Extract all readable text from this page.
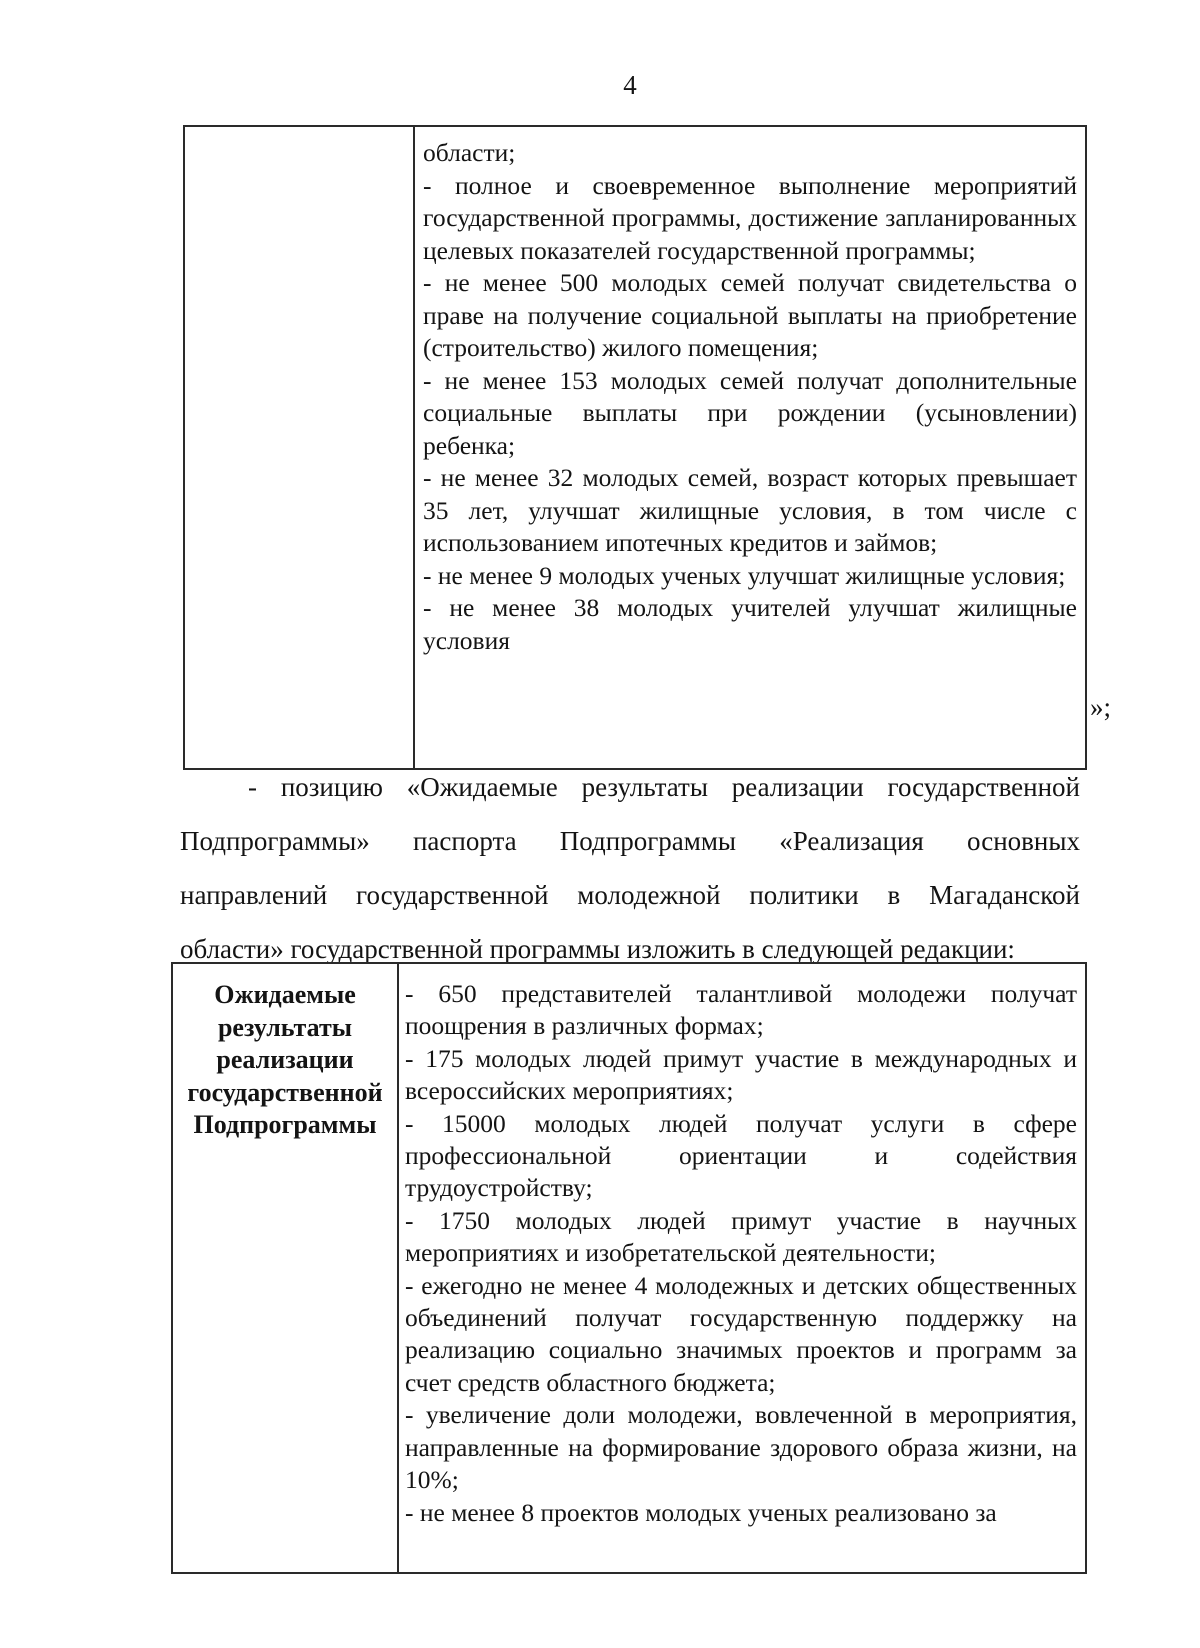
4

области;

- полное и своевременное выполнение мероприятий государственной программы, достижение запланированных целевых показателей государственной программы;

- не менее 500 молодых семей получат свидетельства о праве на получение социальной выплаты на приобретение (строительство) жилого помещения;

- не менее 153 молодых семей получат дополнительные социальные выплаты при рождении (усыновлении) ребенка;

- не менее 32 молодых семей, возраст которых превышает 35 лет, улучшат жилищные условия, в том числе с использованием ипотечных кредитов и займов;

- не менее 9 молодых ученых улучшат жилищные условия;

- не менее 38 молодых учителей улучшат жилищные условия

»;
- позицию «Ожидаемые результаты реализации государственной Подпрограммы» паспорта Подпрограммы «Реализация основных направлений государственной молодежной политики в Магаданской области» государственной программы изложить в следующей редакции:
Ожидаемые результаты реализации государственной Подпрограммы

- 650 представителей талантливой молодежи получат поощрения в различных формах;

- 175 молодых людей примут участие в международных и всероссийских мероприятиях;

- 15000 молодых людей получат услуги в сфере профессиональной ориентации и содействия трудоустройству;

- 1750 молодых людей примут участие в научных мероприятиях и изобретательской деятельности;

- ежегодно не менее 4 молодежных и детских общественных объединений получат государственную поддержку на реализацию социально значимых проектов и программ за счет средств областного бюджета;

- увеличение доли молодежи, вовлеченной в мероприятия, направленные на формирование здорового образа жизни, на 10%;

- не менее 8 проектов молодых ученых реализовано за
